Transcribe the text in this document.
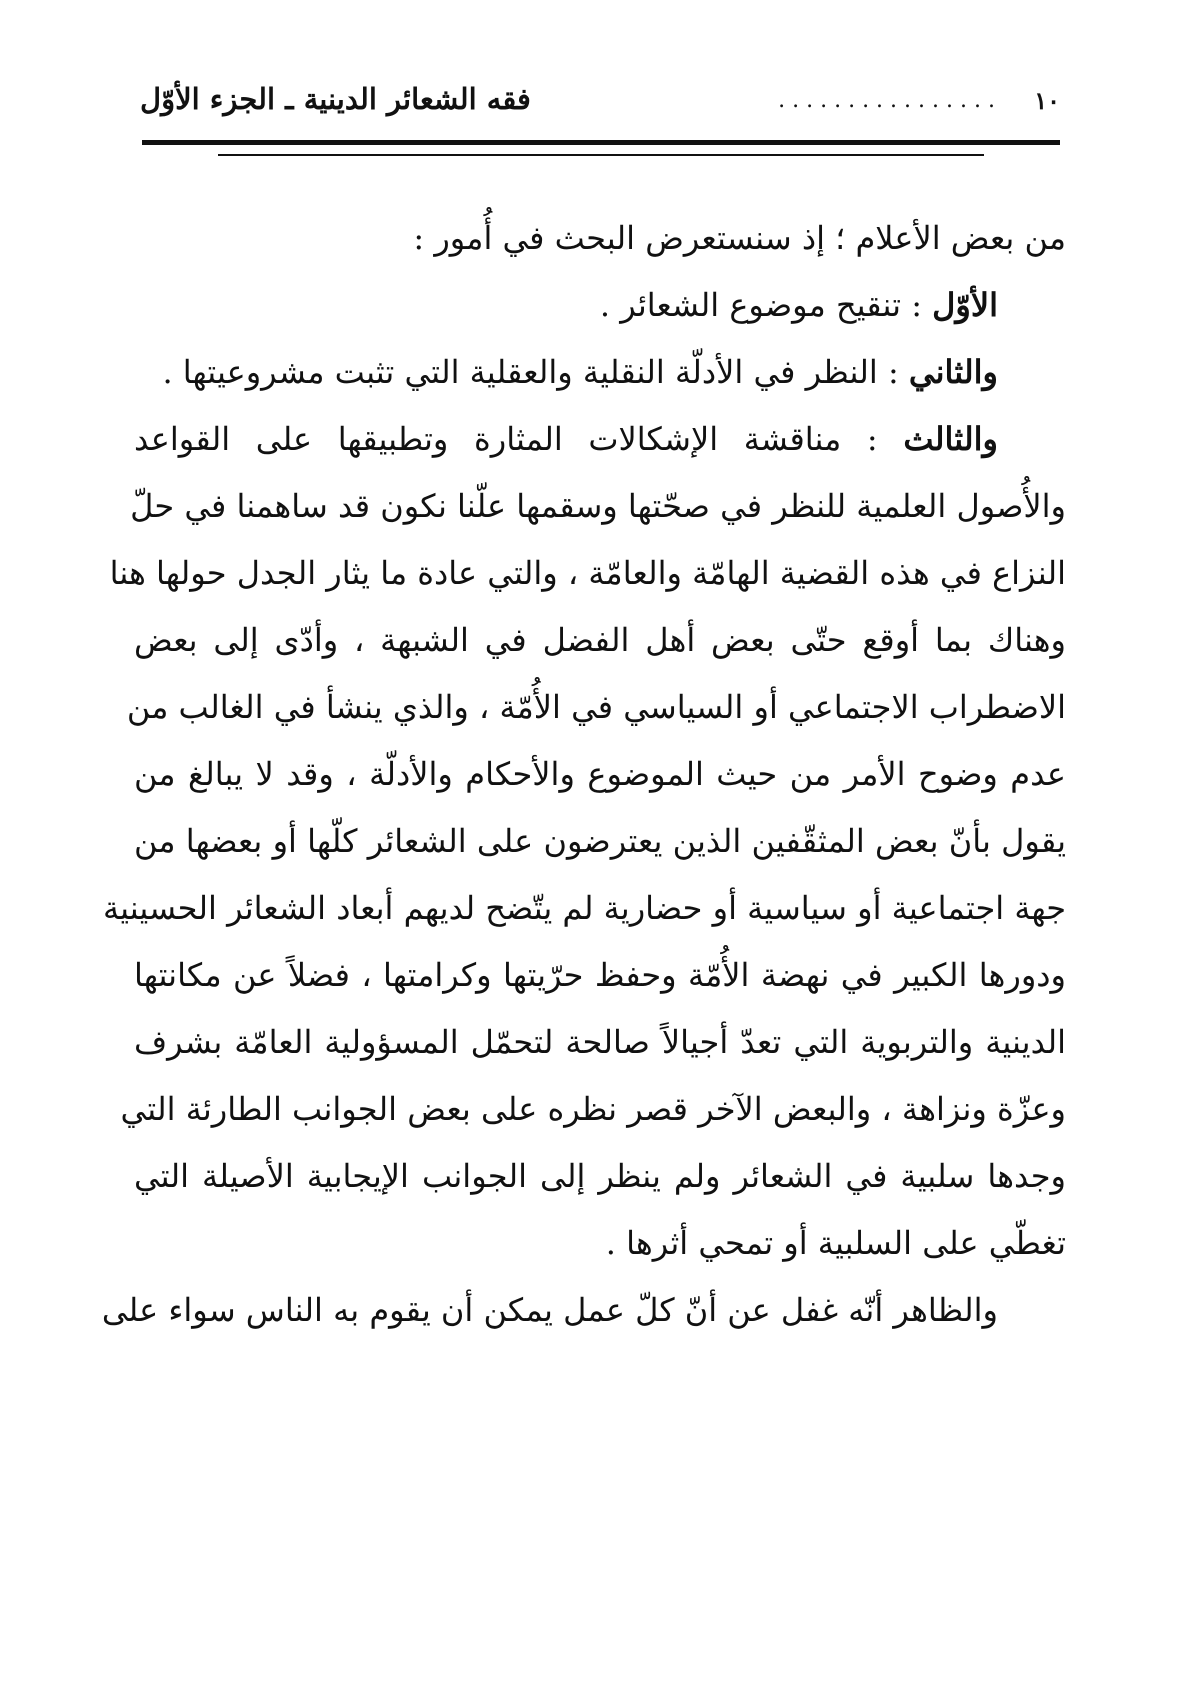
١٠
................
فقه الشعائر الدينية ـ الجزء الأوّل
من بعض الأعلام ؛ إذ سنستعرض البحث في أُمور :
الأوّل : تنقيح موضوع الشعائر .
والثاني : النظر في الأدلّة النقلية والعقلية التي تثبت مشروعيتها .
والثالث : مناقشة الإشكالات المثارة وتطبيقها على القواعد
والأُصول العلمية للنظر في صحّتها وسقمها علّنا نكون قد ساهمنا في حلّ
النزاع في هذه القضية الهامّة والعامّة ، والتي عادة ما يثار الجدل حولها هنا
وهناك بما أوقع حتّى بعض أهل الفضل في الشبهة ، وأدّى إلى بعض
الاضطراب الاجتماعي أو السياسي في الأُمّة ، والذي ينشأ في الغالب من
عدم وضوح الأمر من حيث الموضوع والأحكام والأدلّة ، وقد لا يبالغ من
يقول بأنّ بعض المثقّفين الذين يعترضون على الشعائر كلّها أو بعضها من
جهة اجتماعية أو سياسية أو حضارية لم يتّضح لديهم أبعاد الشعائر الحسينية
ودورها الكبير في نهضة الأُمّة وحفظ حرّيتها وكرامتها ، فضلاً عن مكانتها
الدينية والتربوية التي تعدّ أجيالاً صالحة لتحمّل المسؤولية العامّة بشرف
وعزّة ونزاهة ، والبعض الآخر قصر نظره على بعض الجوانب الطارئة التي
وجدها سلبية في الشعائر ولم ينظر إلى الجوانب الإيجابية الأصيلة التي
تغطّي على السلبية أو تمحي أثرها .
والظاهر أنّه غفل عن أنّ كلّ عمل يمكن أن يقوم به الناس سواء على
